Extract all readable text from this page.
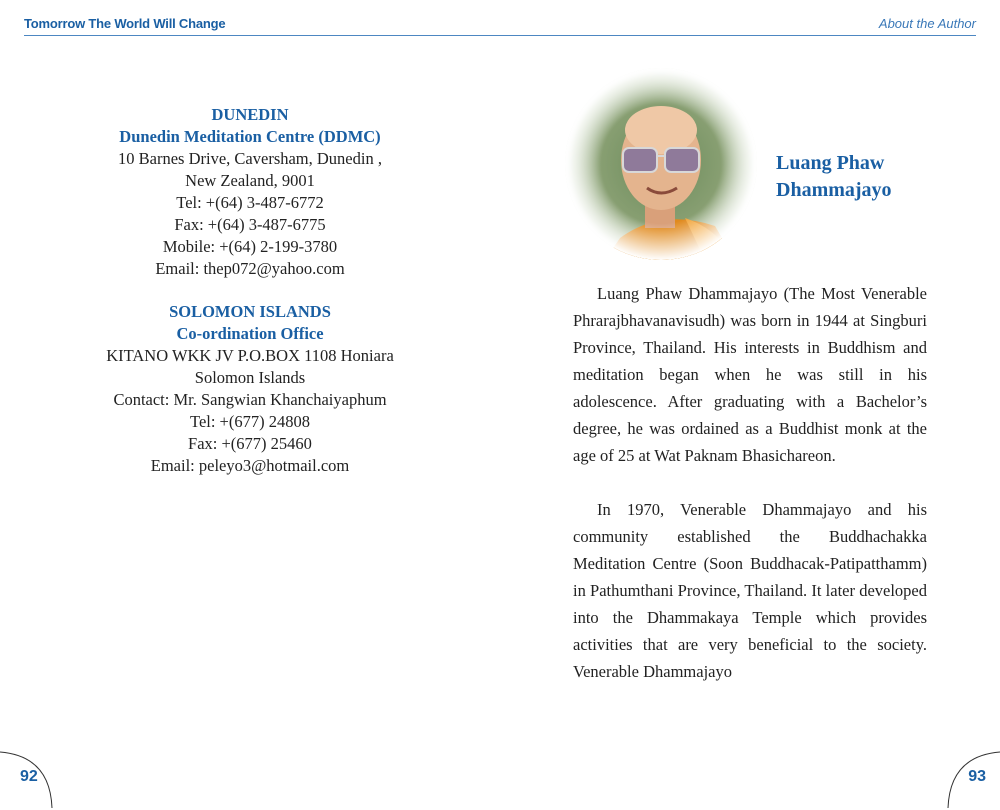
Tomorrow The World Will Change	About the Author
DUNEDIN
Dunedin Meditation Centre (DDMC)
10 Barnes Drive, Caversham, Dunedin ,
New Zealand, 9001
Tel: +(64) 3-487-6772
Fax: +(64) 3-487-6775
Mobile: +(64) 2-199-3780
Email: thep072@yahoo.com
SOLOMON ISLANDS
Co-ordination Office
KITANO WKK JV P.O.BOX 1108 Honiara
Solomon Islands
Contact: Mr. Sangwian Khanchaiyaphum
Tel: +(677) 24808
Fax: +(677) 25460
Email: peleyo3@hotmail.com
Luang Phaw
Dhammajayo

Luang Phaw Dhammajayo (The Most Venerable Phrarajbhavanavisudh) was born in 1944 at Singburi Province, Thailand. His interests in Buddhism and meditation began when he was still in his adolescence. After graduating with a Bachelor’s degree, he was ordained as a Buddhist monk at the age of 25 at Wat Paknam Bhasichareon.

In 1970, Venerable Dhammajayo and his community established the Buddhachakka Meditation Centre (Soon Buddhacak-Patipatthamm) in Pathumthani Province, Thailand. It later developed into the Dhammakaya Temple which provides activities that are very beneficial to the society. Venerable Dhammajayo

92	93
